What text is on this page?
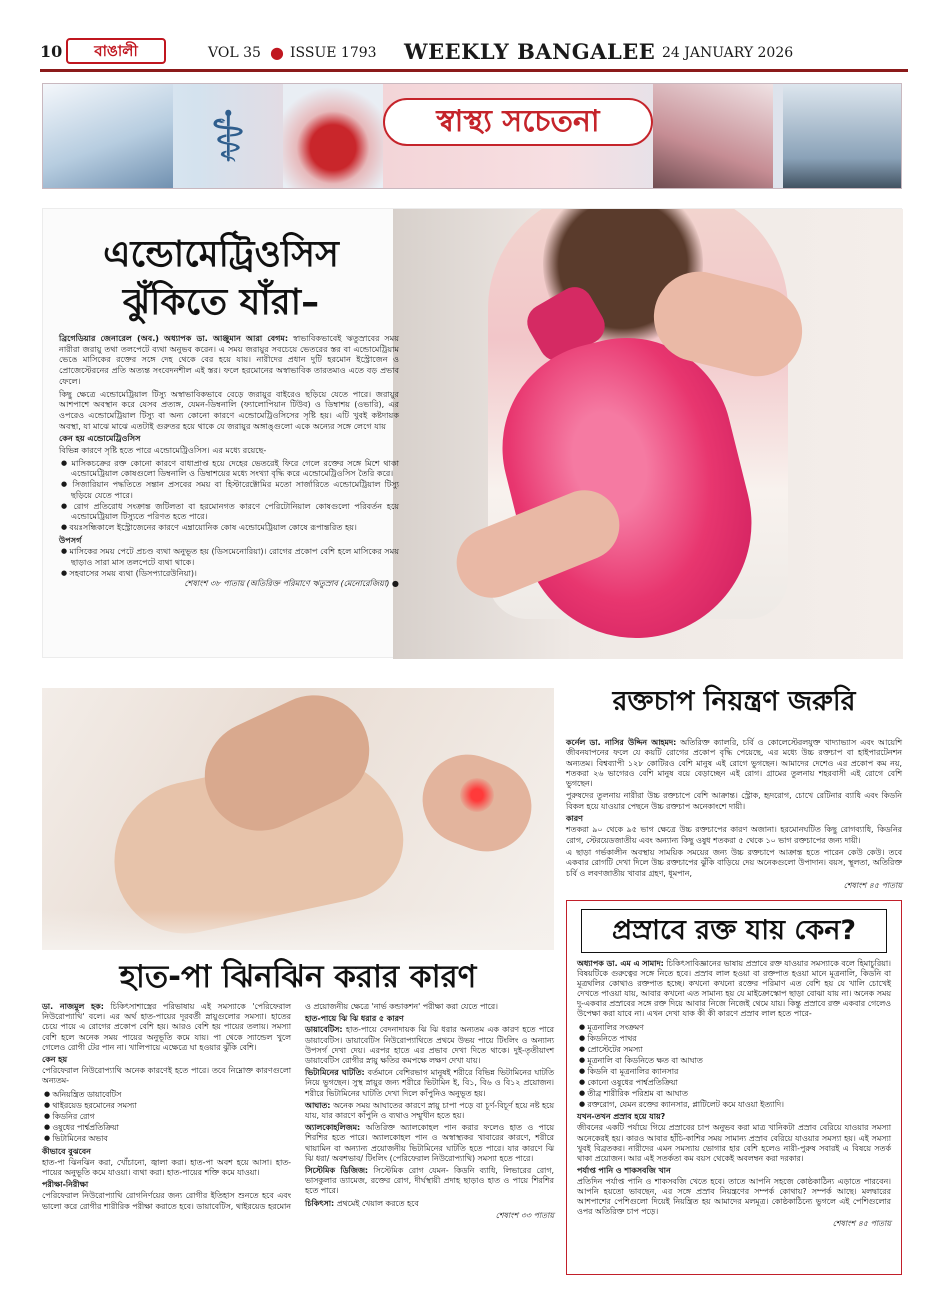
10	বাঙালী	VOL 35 ● ISSUE 1793 WEEKLY BANGALEE 24 JANUARY 2026
⚕	স্বাস্থ্য সচেতনা
এন্ডোমেট্রিওসিস
ঝুঁকিতে যাঁরা–
ব্রিগেডিয়ার জেনারেল (অব.) অধ্যাপক ডা. আঞ্জুমান আরা বেগম: স্বাভাবিকভাবেই ঋতুস্রাবের সময় নারীরা জরায়ু তথা তলপেটে ব্যথা অনুভব করেন। এ সময় জরায়ুর সবচেয়ে ভেতরের স্তর বা এন্ডোমেট্রিয়াম ভেঙে মাসিকের রক্তের সঙ্গে দেহ থেকে বের হয়ে যায়। নারীদের প্রধান দুটি হরমোন ইস্ট্রোজেন ও প্রোজেস্টেরনের প্রতি অত্যন্ত সংবেদনশীল এই স্তর। ফলে হরমোনের অস্বাভাবিক তারতম্যও এতে বড় প্রভাব ফেলে।
কিছু ক্ষেত্রে এন্ডোমেট্রিয়াল টিস্যু অস্বাভাবিকভাবে বেড়ে জরায়ুর বাইরেও ছড়িয়ে যেতে পারে। জরায়ুর আশপাশে অবস্থান করে যেসব প্রত্যঙ্গ, যেমন-ডিম্বনালি (ফ্যালোপিয়ান টিউব) ও ডিম্বাশয় (ওভারি), এর ওপরেও এন্ডোমেট্রিয়াল টিস্যু বা অন্য কোনো কারণে এন্ডোমেট্রিওসিসের সৃষ্টি হয়। এটি খুবই কষ্টদায়ক অবস্থা, যা মাঝে মাঝে এতটাই গুরুতর হয়ে থাকে যে জরায়ুর অঙ্গাঙ্গুলো একে অন্যের সঙ্গে লেগে যায়
কেন হয় এন্ডোমেট্রিওসিস
বিভিন্ন কারণে সৃষ্টি হতে পারে এন্ডোমেট্রিওসিস। এর মধ্যে রয়েছে-
● মাসিকচক্রের রক্ত কোনো কারণে বাধাপ্রাপ্ত হয়ে দেহের ভেতরেই ফিরে গেলে রক্তের সঙ্গে মিশে থাকা এন্ডোমেট্রিয়াল কোষগুলো ডিম্বনালি ও ডিম্বাশয়ের মধ্যে সংখ্যা বৃদ্ধি করে এন্ডোমেট্রিওসিস তৈরি করে।
● সিজারিয়ান পদ্ধতিতে সন্তান প্রসবের সময় বা হিস্টারেক্টোমির মতো সার্জারিতে এন্ডোমেট্রিয়াল টিস্যু ছড়িয়ে যেতে পারে।
● রোগ প্রতিরোধ সংক্রান্ত জটিলতা বা হরমোনগত কারণে পেরিটোনিয়াল কোষগুলো পরিবর্তন হয়ে এন্ডোমেট্রিয়াল টিস্যুতে পরিণত হতে পারে।
● বয়ঃসন্ধিকালে ইস্ট্রোজেনের কারণে এম্ব্রায়োনিক কোষ এন্ডোমেট্রিয়াল কোষে রূপান্তরিত হয়।
উপসর্গ
● মাসিকের সময় পেটে প্রচণ্ড ব্যথা অনুভূত হয় (ডিসমেনোরিয়া)। রোগের প্রকোপ বেশি হলে মাসিকের সময় ছাড়াও সারা মাস তলপেটে ব্যথা থাকে।
● সহবাসের সময় ব্যথা (ডিসপ্যারেউনিয়া)।
শেষাংশ ৩৮ পাতায় (অতিরিক্ত পরিমাণে ঋতুস্রাব (মেনোরেজিয়া) ●
হাত-পা ঝিনঝিন করার কারণ
ডা. নাজমুল হক: চিকিৎসাশাস্ত্রের পরিভাষায় এই সমস্যাকে 'পেরিফেরাল নিউরোপ্যাথি' বলে। এর অর্থ হাত-পায়ের দূরবর্তী স্নায়ুগুলোর সমস্যা। হাতের চেয়ে পায়ে এ রোগের প্রকোপ বেশি হয়। আরও বেশি হয় পায়ের তলায়। সমস্যা বেশি হলে অনেক সময় পায়ের অনুভূতি কমে যায়। পা থেকে স্যান্ডেল খুলে গেলেও রোগী টের পান না। খালিপায়ে এক্ষেত্রে ঘা হওয়ার ঝুঁকি বেশি।
কেন হয়
পেরিফেরাল নিউরোপ্যাথি অনেক কারণেই হতে পারে। তবে নিম্নোক্ত কারণগুলো অন্যতম-
● অনিয়ন্ত্রিত ডায়াবেটিস
● থাইরয়েড হরমোনের সমস্যা
● কিডনির রোগ
● ওষুধের পার্শ্বপ্রতিক্রিয়া
● ভিটামিনের অভাব
কীভাবে বুঝবেন
হাত-পা ঝিনঝিন করা, খোঁচানো, জ্বালা করা। হাত-পা অবশ হয়ে আসা। হাত-পায়ের অনুভূতি কমে যাওয়া। ব্যথা করা। হাত-পায়ের শক্তি কমে যাওয়া।
পরীক্ষা-নিরীক্ষা
পেরিফেরাল নিউরোপ্যাথি রোগনির্ণয়ের জন্য রোগীর ইতিহাস শুনতে হবে এবং ভালো করে রোগীর শারীরিক পরীক্ষা করাতে হবে। ডায়াবেটিস, থাইরয়েড হরমোন ও প্রয়োজনীয় ক্ষেত্রে 'নার্ভ কন্ডাকশন' পরীক্ষা করা যেতে পারে।
হাত-পায়ে ঝি ঝি ধরার ৫ কারণ
ডায়াবেটিস: হাত-পায়ে বেদনাদায়ক ঝি ঝি ধরার অন্যতম এক কারণ হতে পারে ডায়াবেটিস। ডায়াবেটিস নিউরোপ্যাথিতে প্রথমে উভয় পায়ে টিংলিং ও অন্যান্য উপসর্গ দেখা দেয়। এরপর হাতে এর প্রভাব দেখা দিতে থাকে। দুই-তৃতীয়াংশ ডায়াবেটিস রোগীর স্নায়ু ক্ষতির কমপক্ষে লক্ষণ দেখা যায়।
ভিটামিনের ঘাটতি: বর্তমানে বেশিরভাগ মানুষই শরীরে বিভিন্ন ভিটামিনের ঘাটতি নিয়ে ভুগছেন। সুস্থ স্নায়ুর জন্য শরীরে ভিটামিন ই, বি১, বি৬ ও বি১২ প্রয়োজন। শরীরে ভিটামিনের ঘাটতি দেখা দিলে কাঁপুনিও অনুভূত হয়।
আঘাত: অনেক সময় আঘাতের কারণে স্নায়ু চাপা পড়ে বা চূর্ণ-বিচূর্ণ হয়ে নষ্ট হয়ে যায়, যার কারণে কাঁপুনি ও ব্যথাও সম্মুখীন হতে হয়।
অ্যালকোহলিজম: অতিরিক্ত অ্যালকোহল পান করার ফলেও হাত ও পায়ে শিরশির হতে পারে। অ্যালকোহল পান ও অস্বাস্থ্যকর খাবারের কারণে, শরীরে থায়ামিন বা অন্যান্য প্রয়োজনীয় ভিটামিনের ঘাটতি হতে পারে। যার কারণে ঝি ঝি ধরা/ অবশভাব/ টিংলিং (পেরিফেরাল নিউরোপ্যাথি) সমস্যা হতে পারে।
সিস্টেমিক ডিজিজ: সিস্টেমিক রোগ যেমন- কিডনি ব্যাধি, লিভারের রোগ, ভাসকুলার ড্যামেজ, রক্তের রোগ, দীর্ঘস্থায়ী প্রদাহ ছাড়াও হাত ও পায়ে শিরশির হতে পারে।
চিকিৎসা: প্রথমেই খেয়াল করতে হবে
শেষাংশ ৩৩ পাতায়
রক্তচাপ নিয়ন্ত্রণ জরুরি
কর্নেল ডা. নাসির উদ্দিন আহমদ: অতিরিক্ত ক্যালরি, চর্বি ও কোলেস্টেরলযুক্ত খাদ্যাভ্যাস এবং আয়েশি জীবনযাপনের ফলে যে কয়টি রোগের প্রকোপ বৃদ্ধি পেয়েছে, এর মধ্যে উচ্চ রক্তচাপ বা হাইপারটেনশন অন্যতম। বিশ্বব্যাপী ১২৮ কোটিরও বেশি মানুষ এই রোগে ভুগছেন। আমাদের দেশেও এর প্রকোপ কম নয়, শতকরা ২৬ ভাগেরও বেশি মানুষ বয়ে বেড়াচ্ছেন এই রোগ। গ্রামের তুলনায় শহরবাসী এই রোগে বেশি ভুগছেন।
পুরুষদের তুলনায় নারীরা উচ্চ রক্তচাপে বেশি আক্রান্ত। স্ট্রোক, হৃদরোগ, চোখে রেটিনার ব্যাধি এবং কিডনি বিকল হয়ে যাওয়ার পেছনে উচ্চ রক্তচাপ অনেকাংশে দায়ী।
কারণ
শতকরা ৯০ থেকে ৯৫ ভাগ ক্ষেত্রে উচ্চ রক্তচাপের কারণ অজানা। হরমোনঘটিত কিছু রোগব্যাধি, কিডনির রোগ, স্টেরয়েডজাতীয় এবং অন্যান্য কিছু ওষুধ শতকরা ৫ থেকে ১০ ভাগ রক্তচাপের জন্য দায়ী।
এ ছাড়া গর্ভকালীন অবস্থায় সাময়িক সময়ের জন্য উচ্চ রক্তচাপে আক্রান্ত হতে পারেন কেউ কেউ। তবে একবার রোগটি দেখা দিলে উচ্চ রক্তচাপের ঝুঁকি বাড়িয়ে দেয় অনেকগুলো উপাদান। বয়স, স্থূলতা, অতিরিক্ত চর্বি ও লবণজাতীয় খাবার গ্রহণ, ধূমপান,
শেষাংশ ৪৫ পাতায়
প্রস্রাবে রক্ত যায় কেন?
অধ্যাপক ডা. এম এ সামাদ: চিকিৎসাবিজ্ঞানের ভাষায় প্রস্রাবে রক্ত যাওয়ার সমস্যাকে বলে হিমাচুরিয়া। বিষয়টিকে গুরুত্বের সঙ্গে নিতে হবে। প্রস্রাব লাল হওয়া বা রক্তপাত হওয়া মানে মূত্রনালি, কিডনি বা মূত্রথলির কোথাও রক্তপাত হচ্ছে। কখনো কখনো রক্তের পরিমাণ এত বেশি হয় যে খালি চোখেই দেখতে পাওয়া যায়, আবার কখনো এত সামান্য হয় যে মাইক্রোস্কোপ ছাড়া বোঝা যায় না। অনেক সময় দু-একবার প্রস্রাবের সঙ্গে রক্ত দিয়ে আবার নিজে নিজেই থেমে যায়। কিন্তু প্রস্রাবে রক্ত একবার গেলেও উপেক্ষা করা যাবে না। এখন দেখা যাক কী কী কারণে প্রস্রাব লাল হতে পারে-
● মূত্রনালির সংক্রমণ
● কিডনিতে পাথর
● প্রোস্টেটের সমস্যা
● মূত্রনালি বা কিডনিতে ক্ষত বা আঘাত
● কিডনি বা মূত্রনালির ক্যানসার
● কোনো ওষুধের পার্শ্বপ্রতিক্রিয়া
● তীব্র শারীরিক পরিশ্রম বা আঘাত
● রক্তরোগ, যেমন রক্তের ক্যানসার, প্লাটিলেট কমে যাওয়া ইত্যাদি।
যখন-তখন প্রস্রাব হয়ে যায়?
জীবনের একটি পর্যায়ে গিয়ে প্রস্রাবের চাপ অনুভব করা মাত্র খানিকটা প্রস্রাব বেরিয়ে যাওয়ার সমস্যা অনেকেরই হয়। কারও আবার হাঁচি-কাশির সময় সামান্য প্রস্রাব বেরিয়ে যাওয়ার সমস্যা হয়। এই সমস্যা খুবই বিব্রতকর। নারীদের এমন সমস্যায় ভোগার হার বেশি হলেও নারী-পুরুষ সবারই এ বিষয়ে সতর্ক থাকা প্রয়োজন। আর এই সতর্কতা কম বয়স থেকেই অবলম্বন করা দরকার।
পর্যাপ্ত পানি ও শাকসবজি খান
প্রতিদিন পর্যাপ্ত পানি ও শাকসবজি খেতে হবে। তাতে আপনি সহজে কোষ্ঠকাঠিন্য এড়াতে পারবেন। আপনি হয়তো ভাবছেন, এর সঙ্গে প্রস্রাব নিয়ন্ত্রণের সম্পর্ক কোথায়? সম্পর্ক আছে। মলদ্বারের আশপাশের পেশিগুলো দিয়েই নিয়ন্ত্রিত হয় আমাদের মলমূত্র। কোষ্ঠকাঠিন্যে ভুগলে এই পেশিগুলোর ওপর অতিরিক্ত চাপ পড়ে।
শেষাংশ ৪৫ পাতায়
